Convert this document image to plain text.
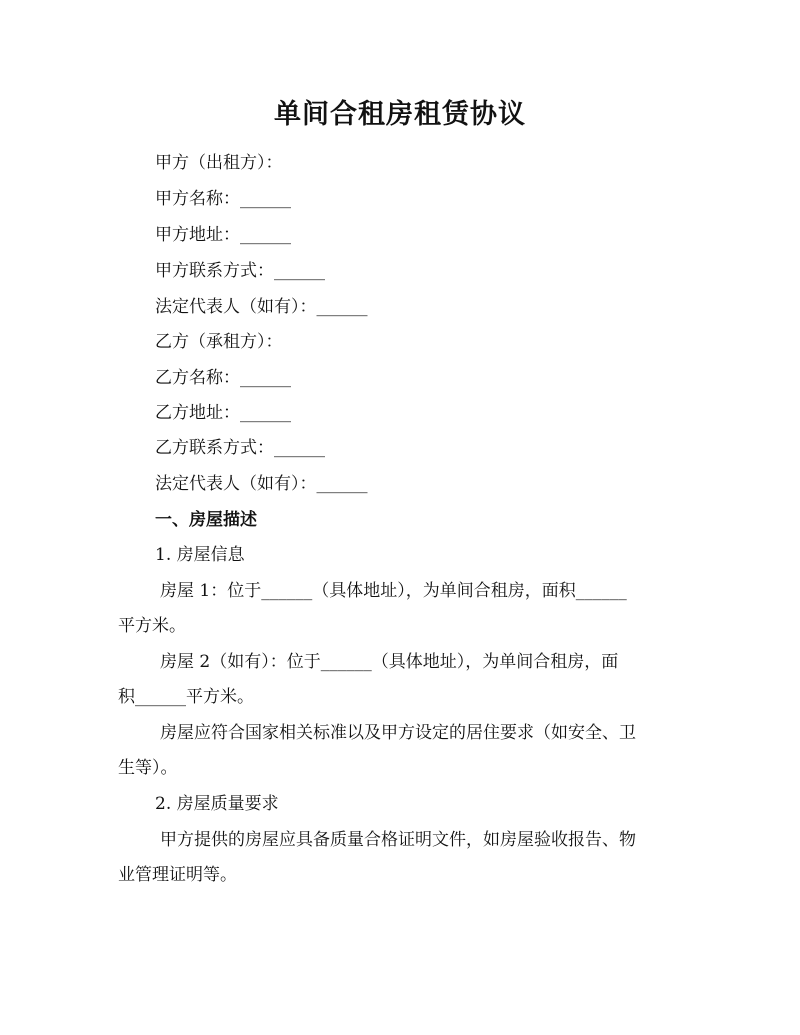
单间合租房租赁协议
甲方（出租方）：
甲方名称：______
甲方地址：______
甲方联系方式：______
法定代表人（如有）：______
乙方（承租方）：
乙方名称：______
乙方地址：______
乙方联系方式：______
法定代表人（如有）：______
一、房屋描述
1. 房屋信息
房屋 1：位于______（具体地址），为单间合租房，面积______
平方米。
房屋 2（如有）：位于______（具体地址），为单间合租房，面
积______平方米。
房屋应符合国家相关标准以及甲方设定的居住要求（如安全、卫
生等）。
2. 房屋质量要求
甲方提供的房屋应具备质量合格证明文件，如房屋验收报告、物
业管理证明等。
